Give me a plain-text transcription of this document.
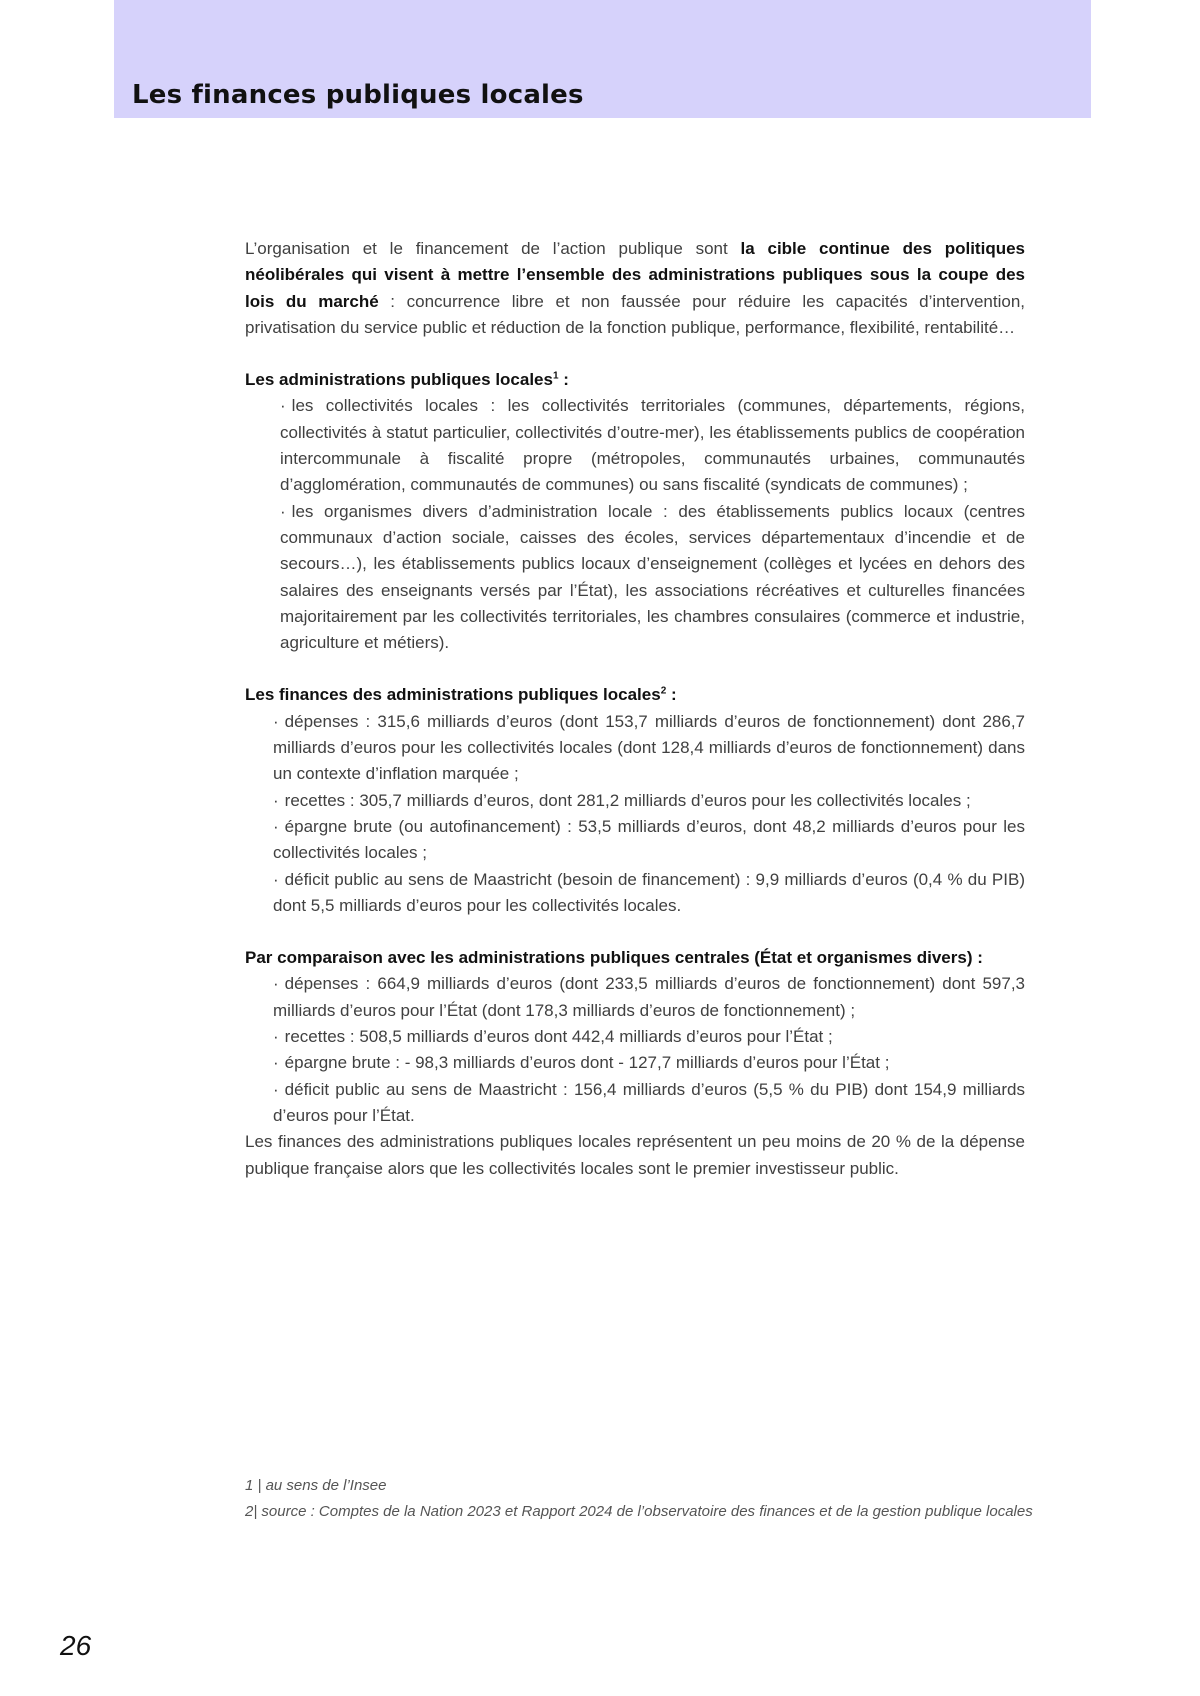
Les finances publiques locales

L’organisation et le financement de l’action publique sont la cible continue des politiques néolibérales qui visent à mettre l’ensemble des administrations publiques sous la coupe des lois du marché : concurrence libre et non faussée pour réduire les capacités d’intervention, privatisation du service public et réduction de la fonction publique, performance, flexibilité, rentabilité…

Les administrations publiques locales$^1$ :

· les collectivités locales : les collectivités territoriales (communes, départements, régions, collectivités à statut particulier, collectivités d’outre-mer), les établissements publics de coopération intercommunale à fiscalité propre (métropoles, communautés urbaines, communautés d’agglomération, communautés de communes) ou sans fiscalité (syndicats de communes) ;
· les organismes divers d’administration locale : des établissements publics locaux (centres communaux d’action sociale, caisses des écoles, services départementaux d’incendie et de secours…), les établissements publics locaux d’enseignement (collèges et lycées en dehors des salaires des enseignants versés par l’État), les associations récréatives et culturelles financées majoritairement par les collectivités territoriales, les chambres consulaires (commerce et industrie, agriculture et métiers).

Les finances des administrations publiques locales$^2$ :

· dépenses : 315,6 milliards d’euros (dont 153,7 milliards d’euros de fonctionnement) dont 286,7 milliards d’euros pour les collectivités locales (dont 128,4 milliards d’euros de fonctionnement) dans un contexte d’inflation marquée ;
· recettes : 305,7 milliards d’euros, dont 281,2 milliards d’euros pour les collectivités locales ;
· épargne brute (ou autofinancement) : 53,5 milliards d’euros, dont 48,2 milliards d’euros pour les collectivités locales ;
· déficit public au sens de Maastricht (besoin de financement) : 9,9 milliards d’euros (0,4 % du PIB) dont 5,5 milliards d’euros pour les collectivités locales.

Par comparaison avec les administrations publiques centrales (État et organismes divers) :

· dépenses : 664,9 milliards d’euros (dont 233,5 milliards d’euros de fonctionnement) dont 597,3 milliards d’euros pour l’État (dont 178,3 milliards d’euros de fonctionnement) ;
· recettes : 508,5 milliards d’euros dont 442,4 milliards d’euros pour l’État ;
· épargne brute : - 98,3 milliards d’euros dont - 127,7 milliards d’euros pour l’État ;
· déficit public au sens de Maastricht : 156,4 milliards d’euros (5,5 % du PIB) dont 154,9 milliards d’euros pour l’État.

Les finances des administrations publiques locales représentent un peu moins de 20 % de la dépense publique française alors que les collectivités locales sont le premier investisseur public.

1 | au sens de l’Insee

2| source : Comptes de la Nation 2023 et Rapport 2024 de l’observatoire des finances et de la gestion publique locales

26
